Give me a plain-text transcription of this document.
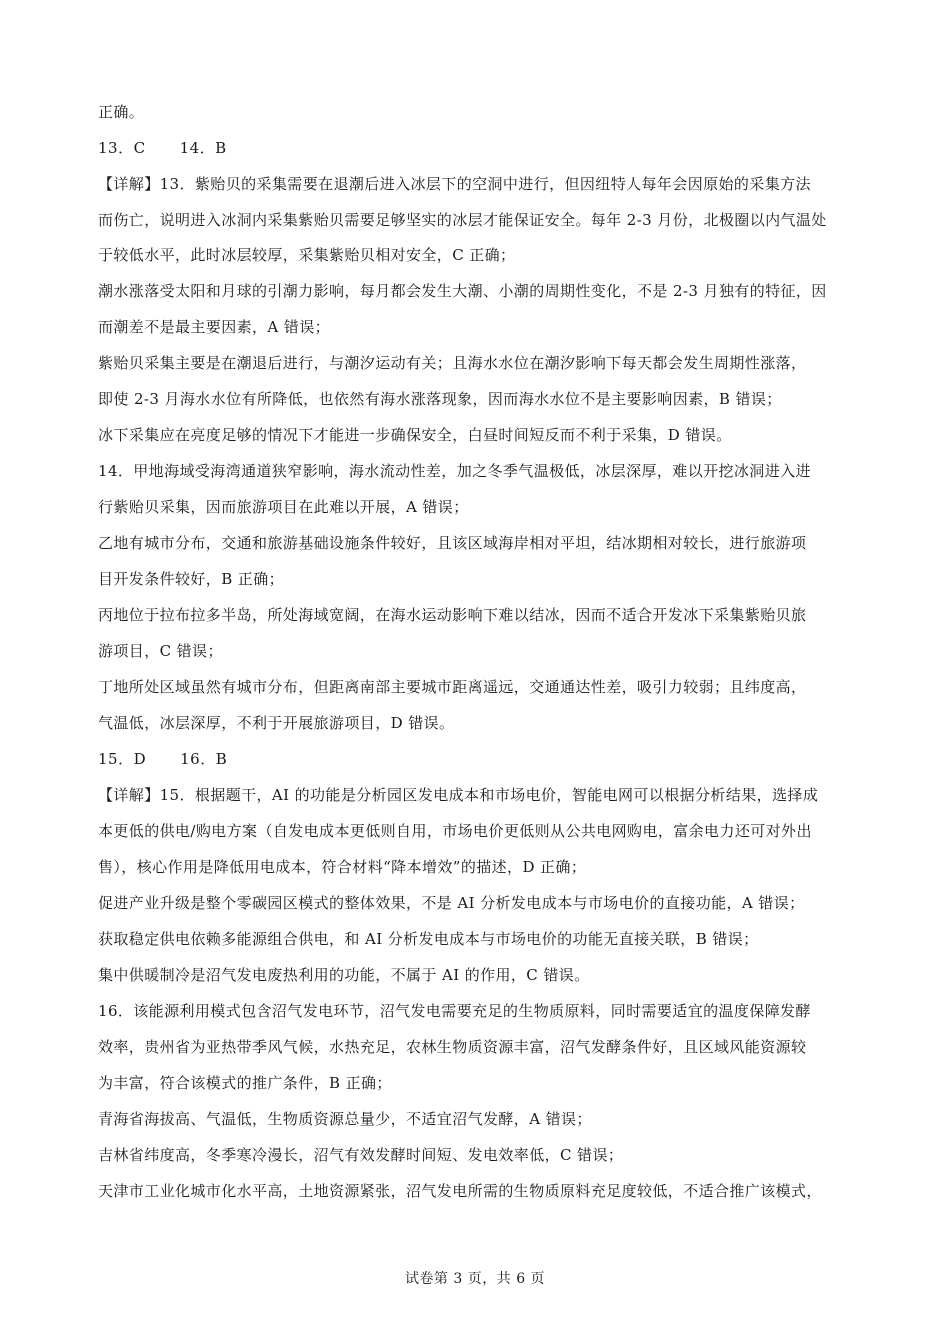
正确。
13．C 14．B
【详解】13．紫贻贝的采集需要在退潮后进入冰层下的空洞中进行，但因纽特人每年会因原始的采集方法
而伤亡，说明进入冰洞内采集紫贻贝需要足够坚实的冰层才能保证安全。每年 2-3 月份，北极圈以内气温处
于较低水平，此时冰层较厚，采集紫贻贝相对安全，C 正确；
潮水涨落受太阳和月球的引潮力影响，每月都会发生大潮、小潮的周期性变化，不是 2-3 月独有的特征，因
而潮差不是最主要因素，A 错误；
紫贻贝采集主要是在潮退后进行，与潮汐运动有关；且海水水位在潮汐影响下每天都会发生周期性涨落，
即使 2-3 月海水水位有所降低，也依然有海水涨落现象，因而海水水位不是主要影响因素，B 错误；
冰下采集应在亮度足够的情况下才能进一步确保安全，白昼时间短反而不利于采集，D 错误。
14．甲地海域受海湾通道狭窄影响，海水流动性差，加之冬季气温极低，冰层深厚，难以开挖冰洞进入进
行紫贻贝采集，因而旅游项目在此难以开展，A 错误；
乙地有城市分布，交通和旅游基础设施条件较好，且该区域海岸相对平坦，结冰期相对较长，进行旅游项
目开发条件较好，B 正确；
丙地位于拉布拉多半岛，所处海域宽阔，在海水运动影响下难以结冰，因而不适合开发冰下采集紫贻贝旅
游项目，C 错误；
丁地所处区域虽然有城市分布，但距离南部主要城市距离遥远，交通通达性差，吸引力较弱；且纬度高，
气温低，冰层深厚，不利于开展旅游项目，D 错误。
15．D 16．B
【详解】15．根据题干，AI 的功能是分析园区发电成本和市场电价，智能电网可以根据分析结果，选择成
本更低的供电/购电方案（自发电成本更低则自用，市场电价更低则从公共电网购电，富余电力还可对外出
售），核心作用是降低用电成本，符合材料“降本增效”的描述，D 正确；
促进产业升级是整个零碳园区模式的整体效果，不是 AI 分析发电成本与市场电价的直接功能，A 错误；
获取稳定供电依赖多能源组合供电，和 AI 分析发电成本与市场电价的功能无直接关联，B 错误；
集中供暖制冷是沼气发电废热利用的功能，不属于 AI 的作用，C 错误。
16．该能源利用模式包含沼气发电环节，沼气发电需要充足的生物质原料，同时需要适宜的温度保障发酵
效率，贵州省为亚热带季风气候，水热充足，农林生物质资源丰富，沼气发酵条件好，且区域风能资源较
为丰富，符合该模式的推广条件，B 正确；
青海省海拔高、气温低，生物质资源总量少，不适宜沼气发酵，A 错误；
吉林省纬度高，冬季寒冷漫长，沼气有效发酵时间短、发电效率低，C 错误；
天津市工业化城市化水平高，土地资源紧张，沼气发电所需的生物质原料充足度较低，不适合推广该模式，
试卷第 3 页，共 6 页
